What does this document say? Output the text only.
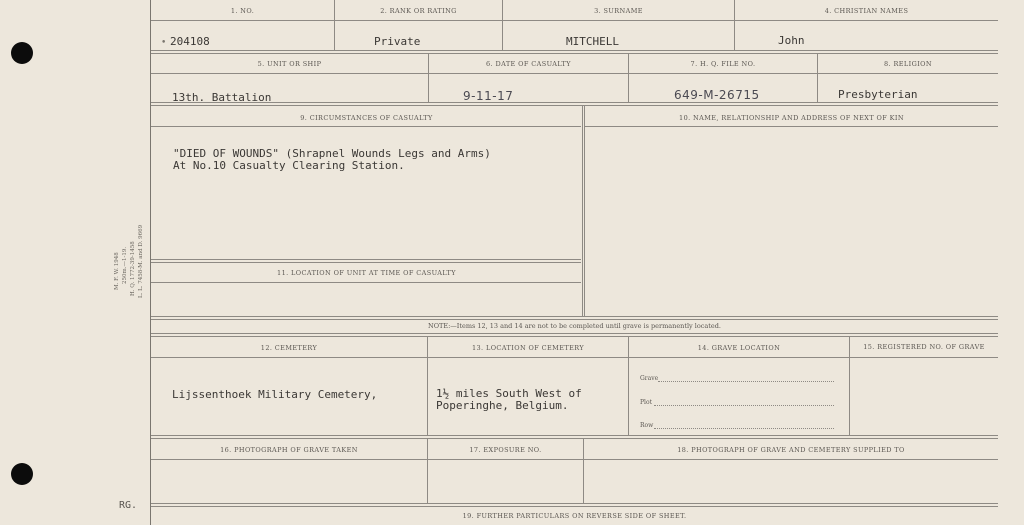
M. F. W. 1948 250m.—1-19. H. Q. 1772-39-1458 L. L. 7458-M. and D. 9669
RG.
1. NO.	2. RANK OR RATING	3. SURNAME	4. CHRISTIAN NAMES
• 204108	Private	MITCHELL	John
5. UNIT OR SHIP	6. DATE OF CASUALTY	7. H. Q. FILE NO.	8. RELIGION
13th. Battalion	9-11-17	649-M-26715	Presbyterian
9. CIRCUMSTANCES OF CASUALTY	10. NAME, RELATIONSHIP AND ADDRESS OF NEXT OF KIN
"DIED OF WOUNDS" (Shrapnel Wounds Legs and Arms)
At No.10 Casualty Clearing Station.
11. LOCATION OF UNIT AT TIME OF CASUALTY
NOTE:—Items 12, 13 and 14 are not to be completed until grave is permanently located.
12. CEMETERY	13. LOCATION OF CEMETERY	14. GRAVE LOCATION	15. REGISTERED NO. OF GRAVE
Lijssenthoek Military Cemetery,	1½ miles South West of
Poperinghe, Belgium.
Grave
Plot
Row
16. PHOTOGRAPH OF GRAVE TAKEN	17. EXPOSURE NO.	18. PHOTOGRAPH OF GRAVE AND CEMETERY SUPPLIED TO
19. FURTHER PARTICULARS ON REVERSE SIDE OF SHEET.
